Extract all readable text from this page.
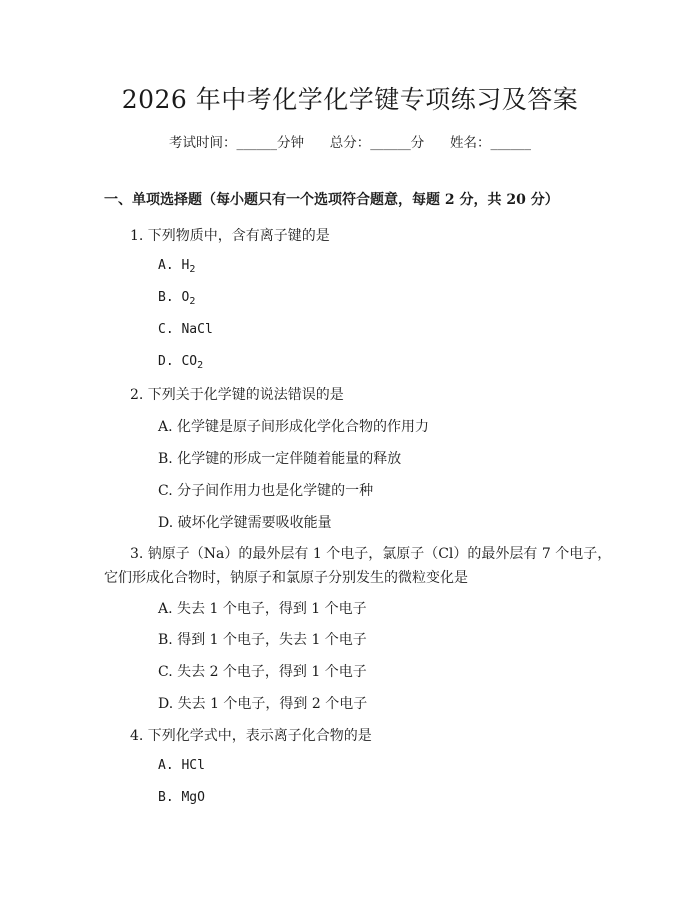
2026 年中考化学化学键专项练习及答案
考试时间：______分钟      总分：______分      姓名：______
一、单项选择题（每小题只有一个选项符合题意，每题 2 分，共 20 分）
1. 下列物质中，含有离子键的是
A. $H_2$
B. $O_2$
C. NaCl
D. $CO_2$
2. 下列关于化学键的说法错误的是
A. 化学键是原子间形成化学化合物的作用力
B. 化学键的形成一定伴随着能量的释放
C. 分子间作用力也是化学键的一种
D. 破坏化学键需要吸收能量
3. 钠原子（Na）的最外层有 1 个电子，氯原子（Cl）的最外层有 7 个电子，
它们形成化合物时，钠原子和氯原子分别发生的微粒变化是
A. 失去 1 个电子，得到 1 个电子
B. 得到 1 个电子，失去 1 个电子
C. 失去 2 个电子，得到 1 个电子
D. 失去 1 个电子，得到 2 个电子
4. 下列化学式中，表示离子化合物的是
A. HCl
B. MgO
